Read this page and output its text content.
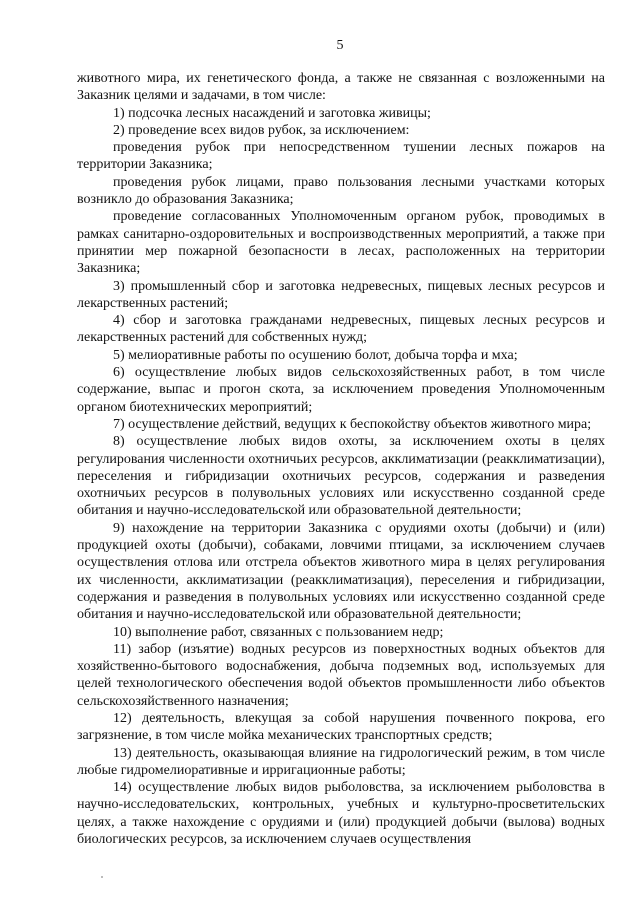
5

животного мира, их генетического фонда, а также не связанная с возложенными на Заказник целями и задачами, в том числе:

1) подсочка лесных насаждений и заготовка живицы;

2) проведение всех видов рубок, за исключением:

проведения рубок при непосредственном тушении лесных пожаров на территории Заказника;

проведения рубок лицами, право пользования лесными участками которых возникло до образования Заказника;

проведение согласованных Уполномоченным органом рубок, проводимых в рамках санитарно-оздоровительных и воспроизводственных мероприятий, а также при принятии мер пожарной безопасности в лесах, расположенных на территории Заказника;

3) промышленный сбор и заготовка недревесных, пищевых лесных ресурсов и лекарственных растений;

4) сбор и заготовка гражданами недревесных, пищевых лесных ресурсов и лекарственных растений для собственных нужд;

5) мелиоративные работы по осушению болот, добыча торфа и мха;

6) осуществление любых видов сельскохозяйственных работ, в том числе содержание, выпас и прогон скота, за исключением проведения Уполномоченным органом биотехнических мероприятий;

7) осуществление действий, ведущих к беспокойству объектов животного мира;

8) осуществление любых видов охоты, за исключением охоты в целях регулирования численности охотничьих ресурсов, акклиматизации (реакклиматизации), переселения и гибридизации охотничьих ресурсов, содержания и разведения охотничьих ресурсов в полувольных условиях или искусственно созданной среде обитания и научно-исследовательской или образовательной деятельности;

9) нахождение на территории Заказника с орудиями охоты (добычи) и (или) продукцией охоты (добычи), собаками, ловчими птицами, за исключением случаев осуществления отлова или отстрела объектов животного мира в целях регулирования их численности, акклиматизации (реакклиматизация), переселения и гибридизации, содержания и разведения в полувольных условиях или искусственно созданной среде обитания и научно-исследовательской или образовательной деятельности;

10) выполнение работ, связанных с пользованием недр;

11) забор (изъятие) водных ресурсов из поверхностных водных объектов для хозяйственно-бытового водоснабжения, добыча подземных вод, используемых для целей технологического обеспечения водой объектов промышленности либо объектов сельскохозяйственного назначения;

12) деятельность, влекущая за собой нарушения почвенного покрова, его загрязнение, в том числе мойка механических транспортных средств;

13) деятельность, оказывающая влияние на гидрологический режим, в том числе любые гидромелиоративные и ирригационные работы;

14) осуществление любых видов рыболовства, за исключением рыболовства в научно-исследовательских, контрольных, учебных и культурно-просветительских целях, а также нахождение с орудиями и (или) продукцией добычи (вылова) водных биологических ресурсов, за исключением случаев осуществления
